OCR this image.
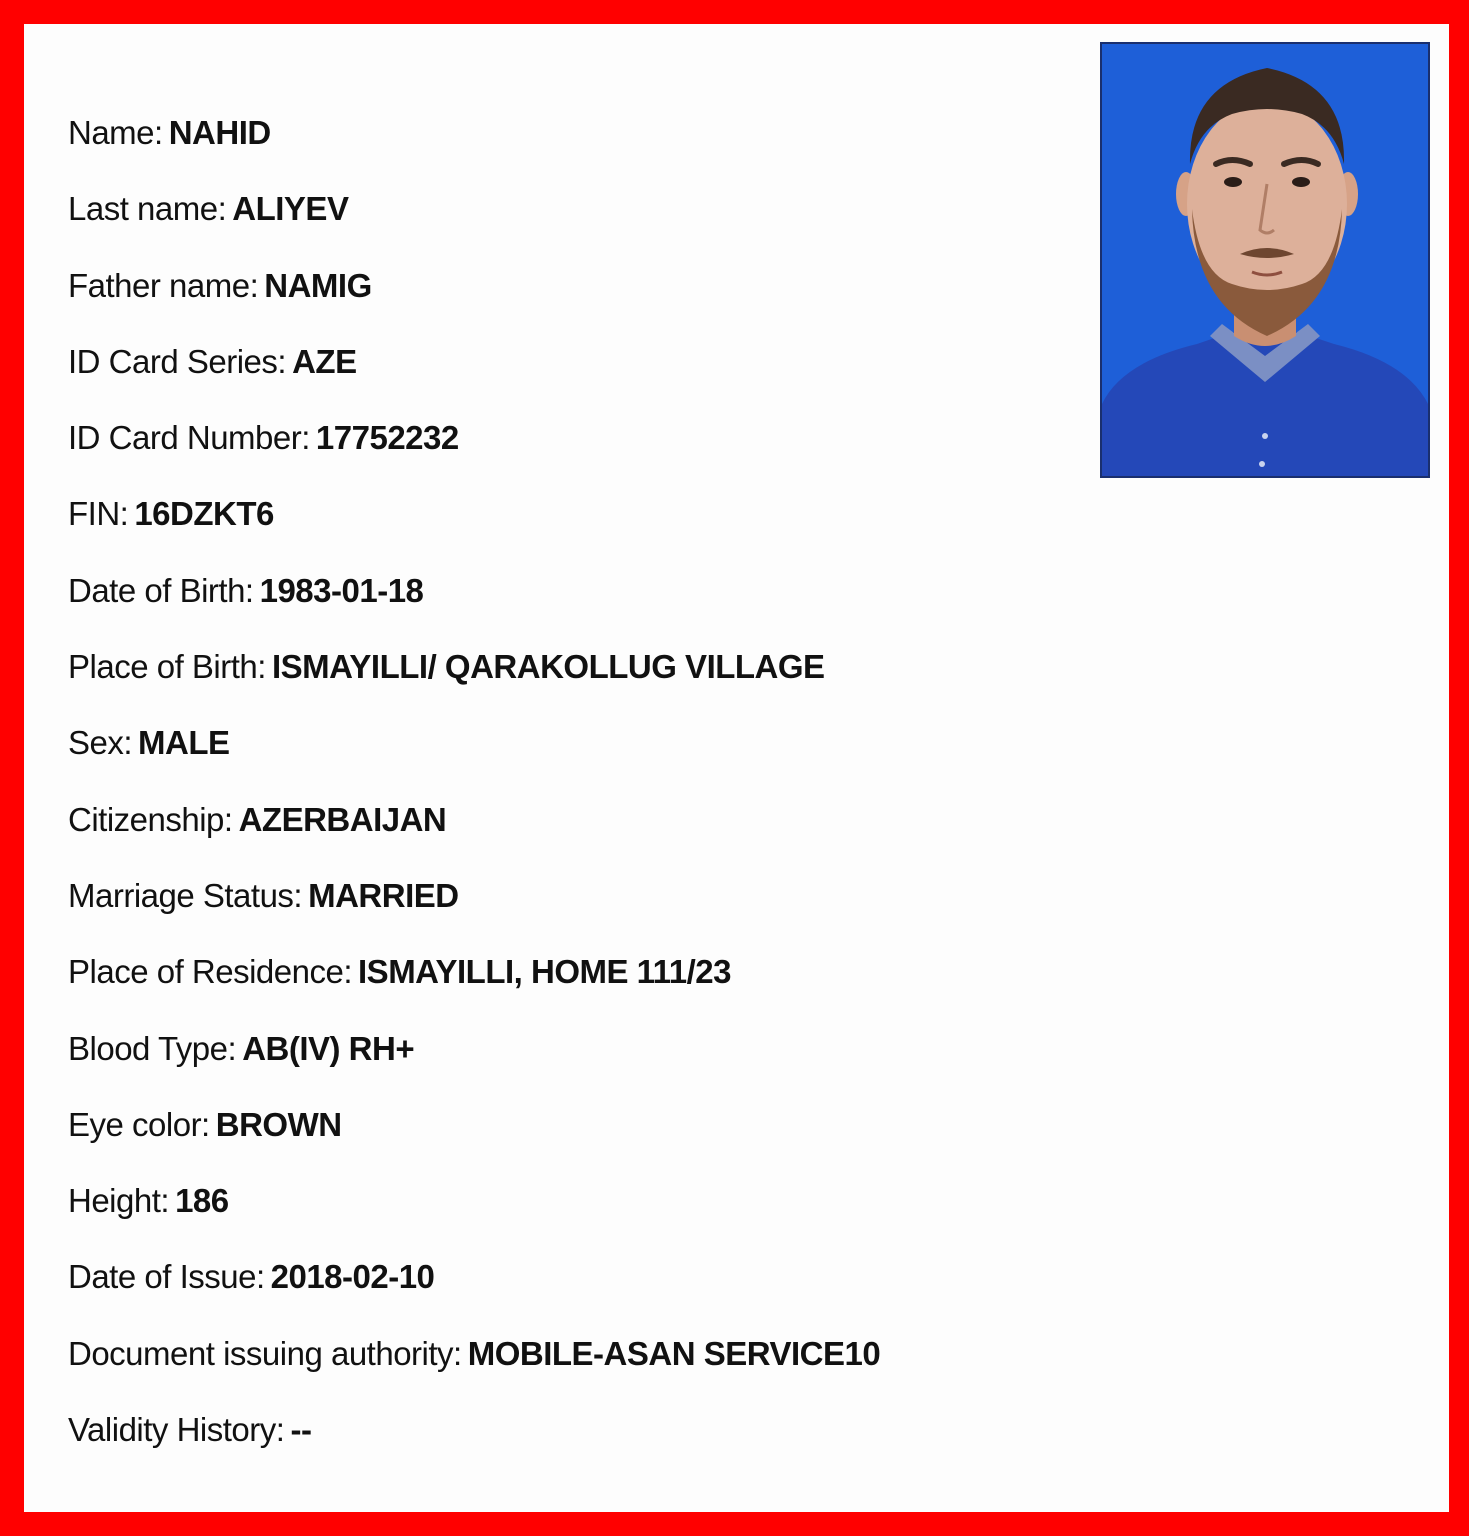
Name: NAHID
Last name: ALIYEV
Father name: NAMIG
ID Card Series: AZE
ID Card Number: 17752232
FIN: 16DZKT6
Date of Birth: 1983-01-18
Place of Birth: ISMAYILLI/ QARAKOLLUG VILLAGE
Sex: MALE
Citizenship: AZERBAIJAN
Marriage Status: MARRIED
Place of Residence: ISMAYILLI, HOME 111/23
Blood Type: AB(IV) RH+
Eye color: BROWN
Height: 186
Date of Issue: 2018-02-10
Document issuing authority: MOBILE-ASAN SERVICE10
Validity History: --
